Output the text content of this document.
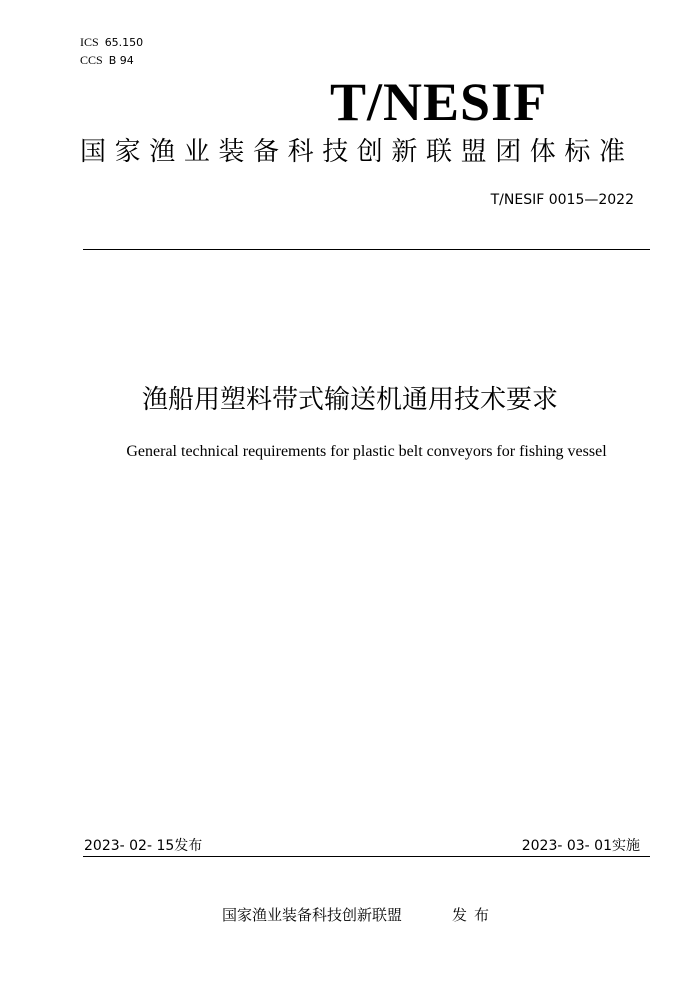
ICS 65.150
CCS B 94
T/NESIF
国家渔业装备科技创新联盟团体标准
T/NESIF 0015—2022
渔船用塑料带式输送机通用技术要求
General technical requirements for plastic belt conveyors for fishing vessel
2023- 02- 15发布	2023- 03- 01实施
国家渔业装备科技创新联盟	发布
